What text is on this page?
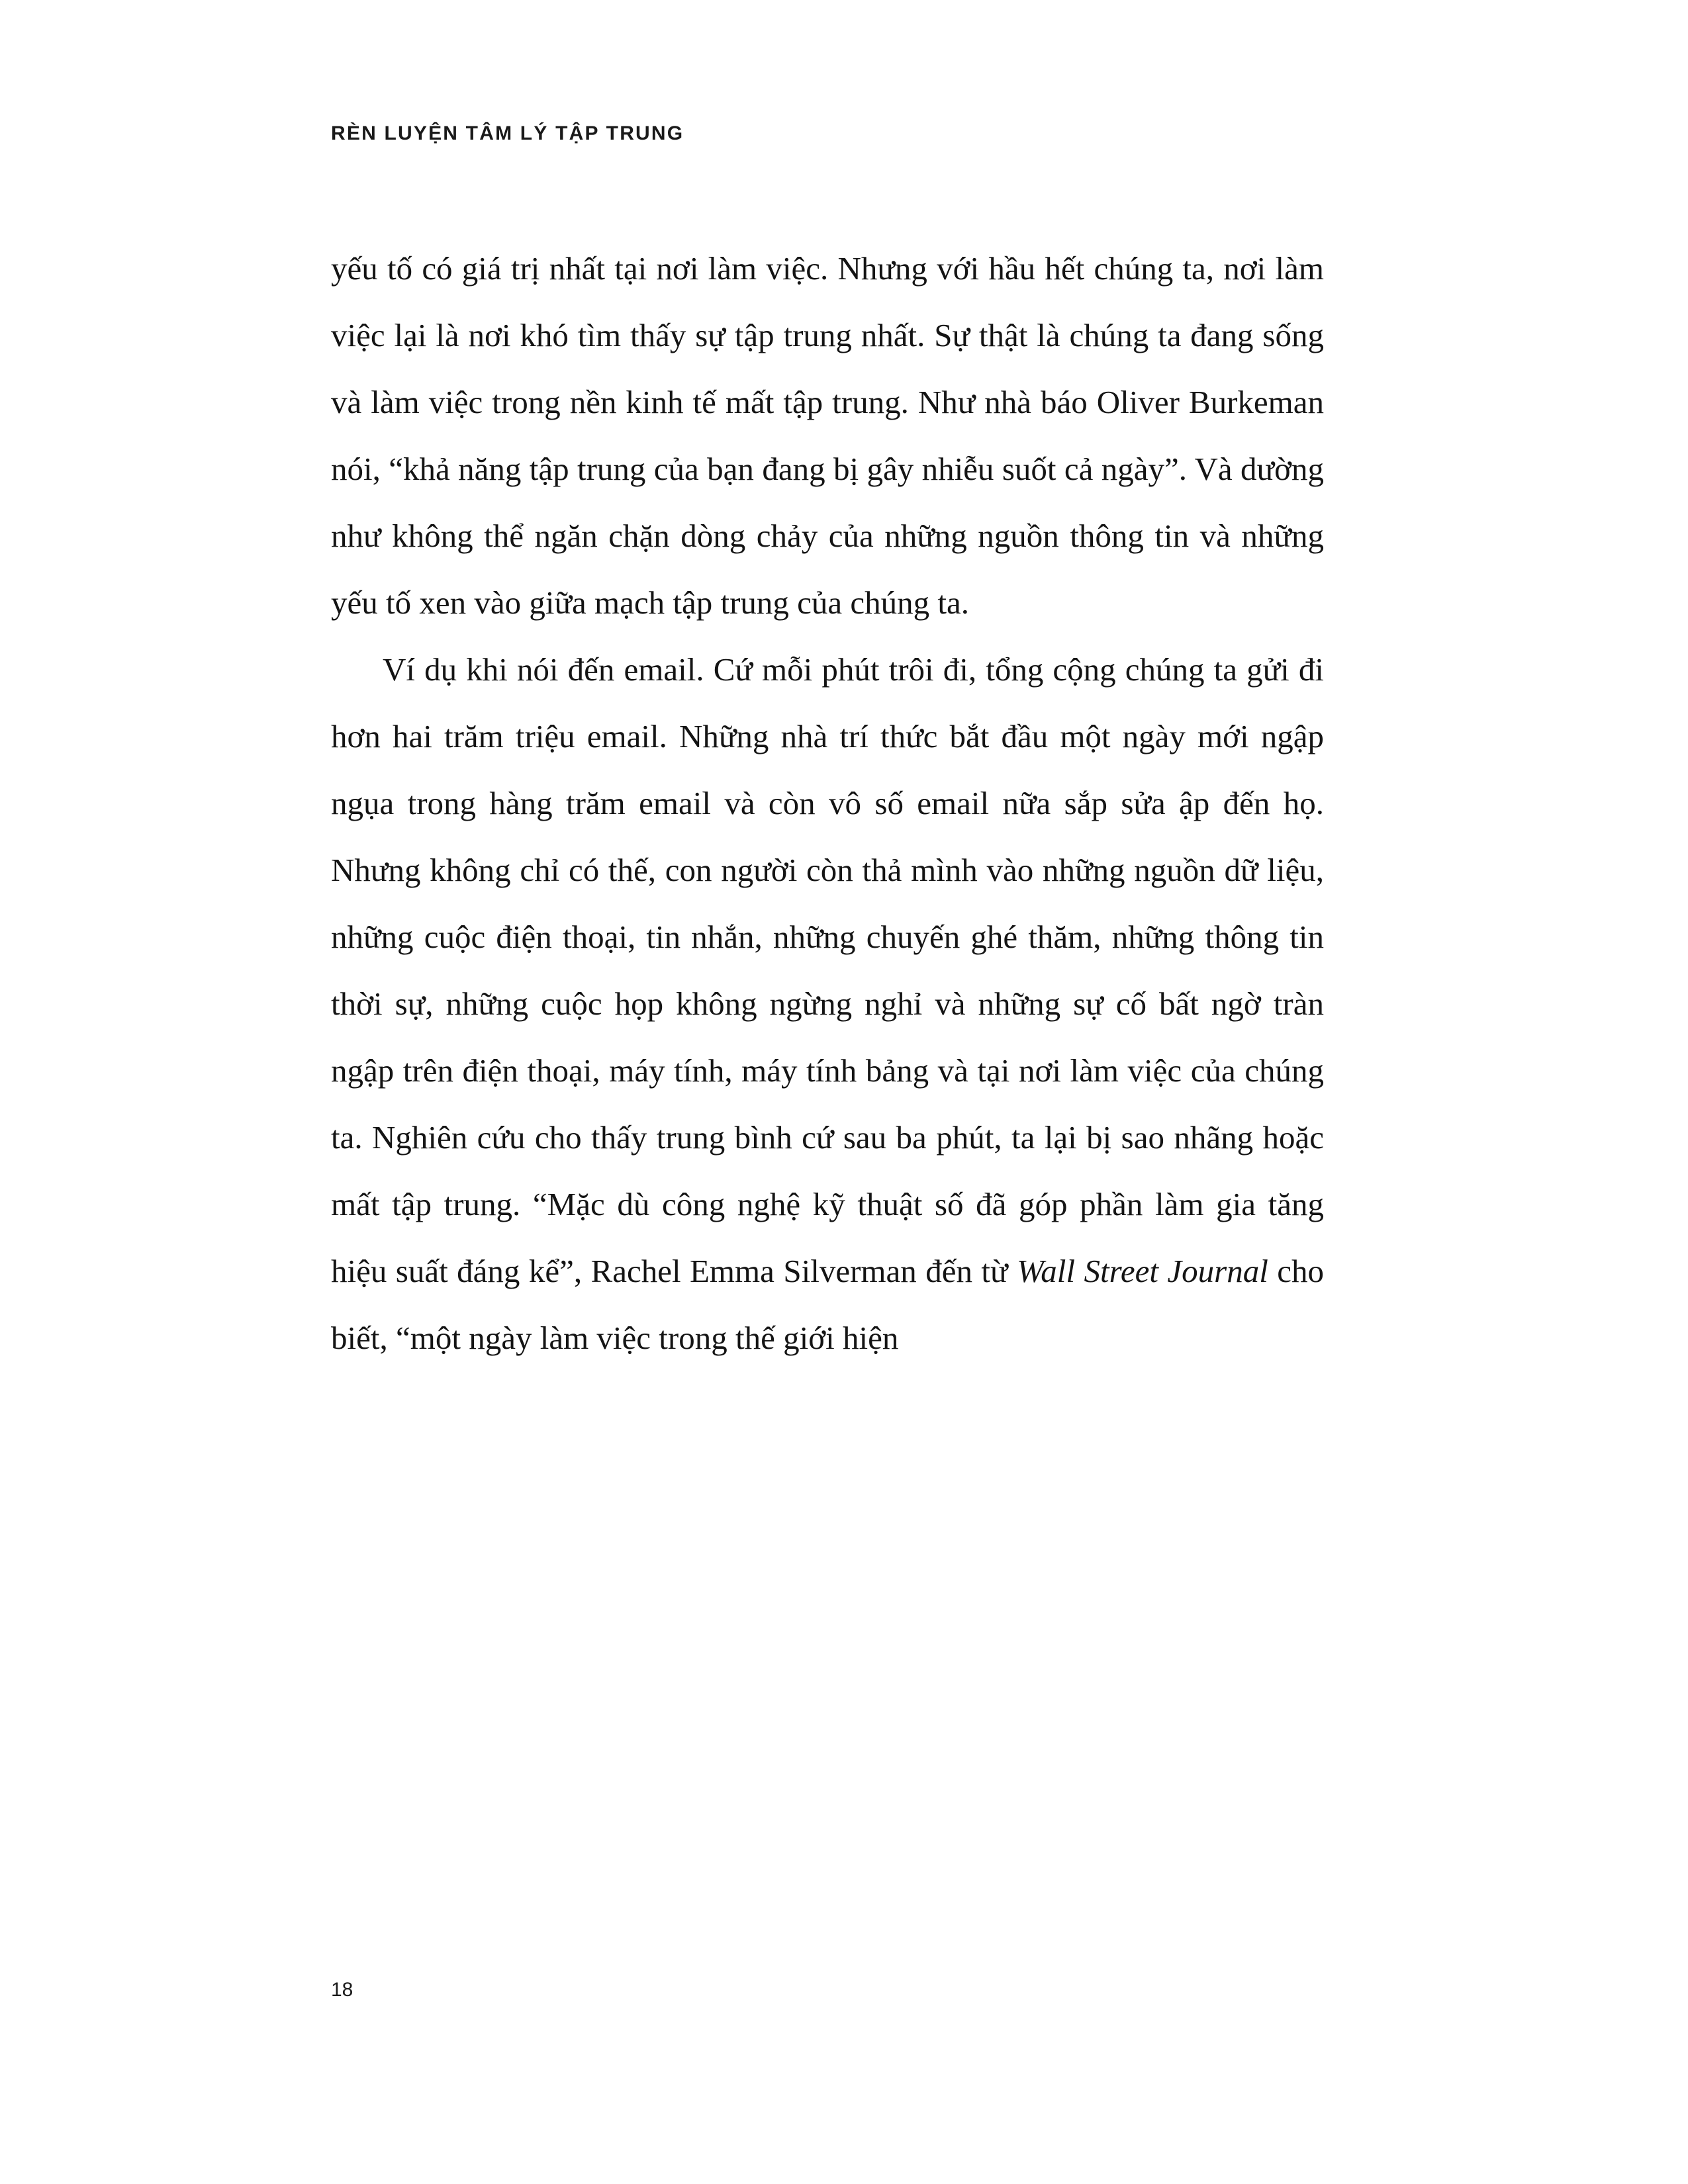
RÈN LUYỆN TÂM LÝ TẬP TRUNG

yếu tố có giá trị nhất tại nơi làm việc. Nhưng với hầu hết chúng ta, nơi làm việc lại là nơi khó tìm thấy sự tập trung nhất. Sự thật là chúng ta đang sống và làm việc trong nền kinh tế mất tập trung. Như nhà báo Oliver Burkeman nói, “khả năng tập trung của bạn đang bị gây nhiễu suốt cả ngày”. Và dường như không thể ngăn chặn dòng chảy của những nguồn thông tin và những yếu tố xen vào giữa mạch tập trung của chúng ta.

Ví dụ khi nói đến email. Cứ mỗi phút trôi đi, tổng cộng chúng ta gửi đi hơn hai trăm triệu email. Những nhà trí thức bắt đầu một ngày mới ngập ngụa trong hàng trăm email và còn vô số email nữa sắp sửa ập đến họ. Nhưng không chỉ có thế, con người còn thả mình vào những nguồn dữ liệu, những cuộc điện thoại, tin nhắn, những chuyến ghé thăm, những thông tin thời sự, những cuộc họp không ngừng nghỉ và những sự cố bất ngờ tràn ngập trên điện thoại, máy tính, máy tính bảng và tại nơi làm việc của chúng ta. Nghiên cứu cho thấy trung bình cứ sau ba phút, ta lại bị sao nhãng hoặc mất tập trung. “Mặc dù công nghệ kỹ thuật số đã góp phần làm gia tăng hiệu suất đáng kể”, Rachel Emma Silverman đến từ Wall Street Journal cho biết, “một ngày làm việc trong thế giới hiện

18
